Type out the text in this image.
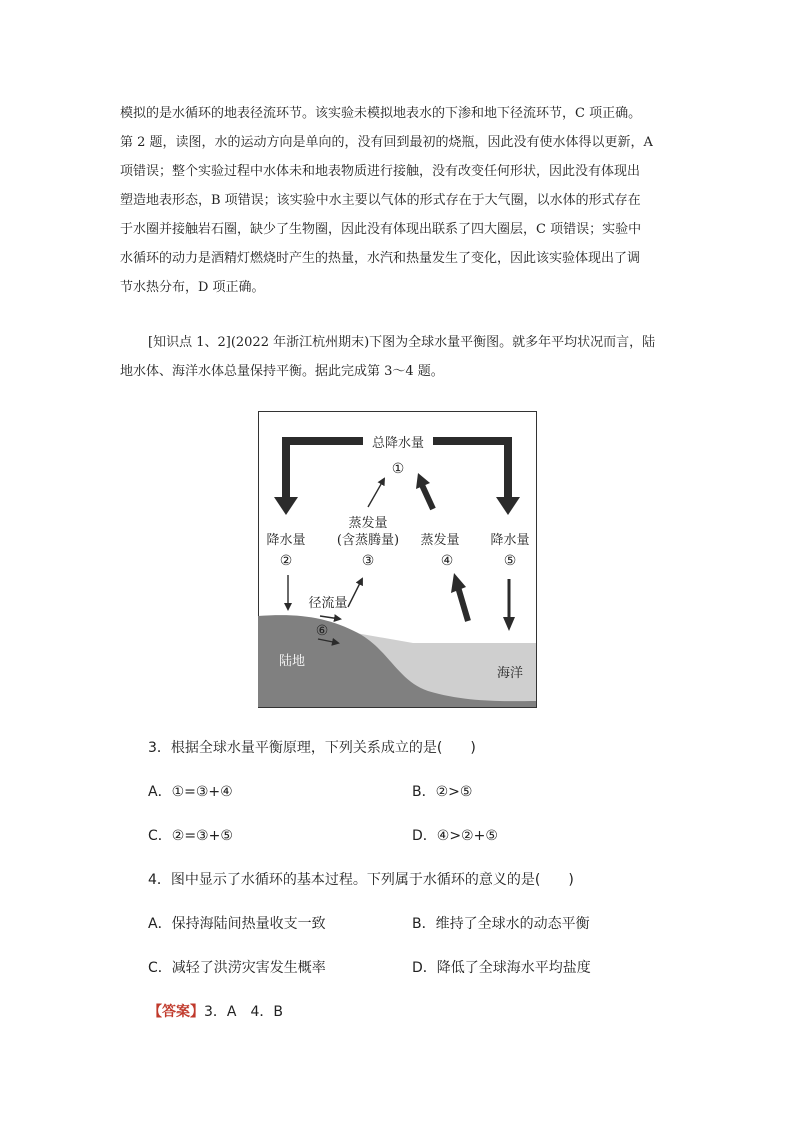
模拟的是水循环的地表径流环节。该实验未模拟地表水的下渗和地下径流环节，C 项正确。
第 2 题，读图，水的运动方向是单向的，没有回到最初的烧瓶，因此没有使水体得以更新，A
项错误；整个实验过程中水体未和地表物质进行接触，没有改变任何形状，因此没有体现出
塑造地表形态，B 项错误；该实验中水主要以气体的形式存在于大气圈，以水体的形式存在
于水圈并接触岩石圈，缺少了生物圈，因此没有体现出联系了四大圈层，C 项错误；实验中
水循环的动力是酒精灯燃烧时产生的热量，水汽和热量发生了变化，因此该实验体现出了调
节水热分布，D 项正确。
[知识点 1、2](2022 年浙江杭州期末)下图为全球水量平衡图。就多年平均状况而言，陆
地水体、海洋水体总量保持平衡。据此完成第 3～4 题。
总降水量
①
降水量
②
蒸发量
(含蒸腾量)
③
蒸发量
④
降水量
⑤
径流量
⑥
陆地
海洋
3．根据全球水量平衡原理，下列关系成立的是(　　)
A．①=③+④	B．②>⑤
C．②=③+⑤	D．④>②+⑤
4．图中显示了水循环的基本过程。下列属于水循环的意义的是(　　)
A．保持海陆间热量收支一致	B．维持了全球水的动态平衡
C．减轻了洪涝灾害发生概率	D．降低了全球海水平均盐度
【答案】3．A　4．B
